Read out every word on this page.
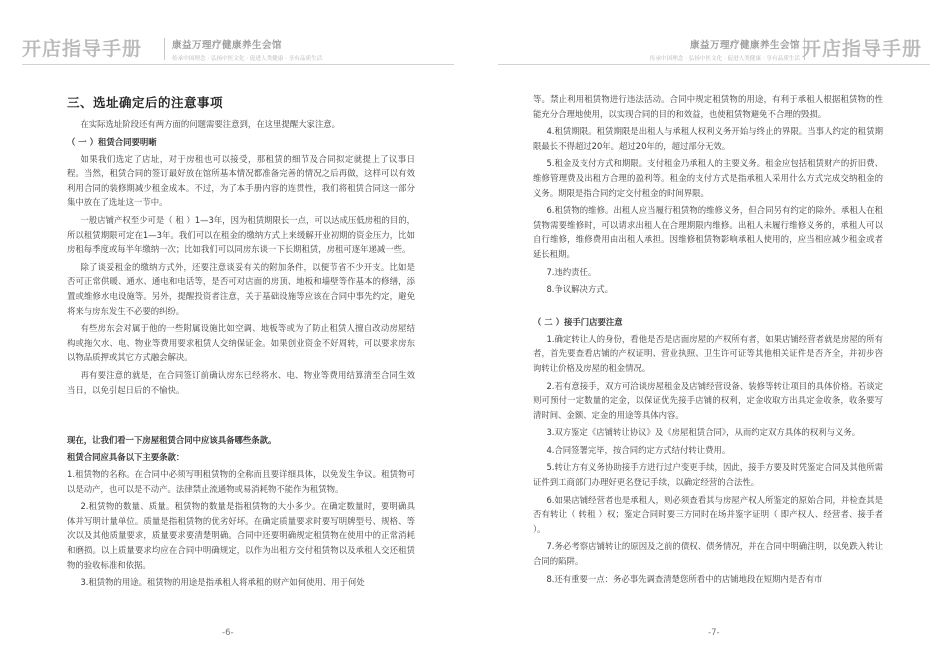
开店指导手册	康益万理疗健康养生会馆
传承中国理念 · 弘扬中医文化 · 促进人类健康 · 享有品质生活
三、选址确定后的注意事项
在实际选址阶段还有两方面的问题需要注意到，在这里提醒大家注意。
（ 一 ）租赁合同要明晰
如果我们选定了店址，对于房租也可以接受，那租赁的细节及合同拟定就提上了议事日程。当然，租赁合同的签订最好放在馆所基本情况都准备完善的情况之后再做，这样可以有效利用合同的装修期减少租金成本。不过，为了本手册内容的连贯性，我们将租赁合同这一部分集中放在了选址这一节中。
一般店铺产权至少可是（ 租 ）1—3年，因为租赁期限长一点，可以达成压低房租的目的，所以租赁期限可定在1—3年。我们可以在租金的缴纳方式上来缓解开业初期的资金压力，比如房租每季度或每半年缴纳一次；比如我们可以同房东谈一下长期租赁，房租可逐年递减一些。
除了谈妥租金的缴纳方式外，还要注意谈妥有关的附加条件，以便节省不少开支。比如是否可正常供暖、通水、通电和电话等，是否可对店面的房顶、地板和墙壁等作基本的修缮，添置或维修水电设施等。另外，提醒投资者注意，关于基础设施等应该在合同中事先约定，避免将来与房东发生不必要的纠纷。
有些房东会对属于他的一些附属设施比如空调、地板等或为了防止租赁人擅自改动房屋结构或拖欠水、电、物业等费用要求租赁人交纳保证金。如果创业资金不好周转，可以要求房东以物品质押或其它方式融会解决。
再有要注意的就是，在合同签订前确认房东已经将水、电、物业等费用结算清至合同生效当日，以免引起日后的不愉快。
现在，让我们看一下房屋租赁合同中应该具备哪些条款。
租赁合同应具备以下主要条款：
1.租赁物的名称。在合同中必须写明租赁物的全称而且要详细具体，以免发生争议。租赁物可以是动产，也可以是不动产。法律禁止流通物或易消耗物不能作为租赁物。
2.租赁物的数量、质量。租赁物的数量是指租赁物的大小多少。在确定数量时，要明确具体并写明计量单位。质量是指租赁物的优劣好坏。在确定质量要求时要写明牌型号、规格、等次以及其他质量要求，质量要求要清楚明确。合同中还要明确规定租赁物在使用中的正常消耗和磨损。以上质量要求均应在合同中明确规定，以作为出租方交付租赁物以及承租人交还租赁物的验收标准和依据。
3.租赁物的用途。租赁物的用途是指承租人将承租的财产如何使用、用于何处
-6-
康益万理疗健康养生会馆
传承中国理念 · 弘扬中医文化 · 促进人类健康 · 享有品质生活 开店指导手册
等。禁止利用租赁物进行违法活动。合同中规定租赁物的用途，有利于承租人根据租赁物的性能充分合理地使用，以实现合同的目的和效益，也使租赁物避免不合理的毁损。
4.租赁期限。租赁期限是出租人与承租人权利义务开始与终止的界限。当事人约定的租赁期限最长不得超过20年。超过20年的，超过部分无效。
5.租金及支付方式和期限。支付租金乃承租人的主要义务。租金应包括租赁财产的折旧费、维修管理费及出租方合理的盈利等。租金的支付方式是指承租人采用什么方式完成交纳租金的义务。期限是指合同约定交付租金的时间界限。
6.租赁物的维修。出租人应当履行租赁物的维修义务，但合同另有约定的除外。承租人在租赁物需要维修时，可以请求出租人在合理期限内维修。出租人未履行维修义务的，承租人可以自行维修，维修费用由出租人承担。因维修租赁物影响承租人使用的，应当相应减少租金或者延长租期。
7.违约责任。
8.争议解决方式。
（ 二 ）接手门店要注意
1.确定转让人的身份，看他是否是店面房屋的产权所有者，如果店铺经营者就是房屋的所有者，首先要查看店铺的产权证明、营业执照、卫生许可证等其他相关证件是否齐全，并初步咨询转让价格及房屋的租金情况。
2.若有意接手，双方可洽谈房屋租金及店铺经营设备、装修等转让项目的具体价格。若谈定则可预付一定数量的定金，以保证优先接手店铺的权利，定金收取方出具定金收条，收条要写清时间、金额、定金的用途等具体内容。
3.双方鉴定《店铺转让协议》及《房屋租赁合同》，从而约定双方具体的权利与义务。
4.合同签署完毕，按合同约定方式结付转让费用。
5.转让方有义务协助接手方进行过户变更手续，因此，接手方要及时凭鉴定合同及其他所需证件到工商部门办理好更名登记手续，以确定经营的合法性。
6.如果店铺经营者也是承租人，则必须查看其与房屋产权人所鉴定的原始合同，并检查其是否有转让（ 转租 ）权；鉴定合同时要三方同时在场并鉴字证明（ 即产权人、经营者、接手者 ）。
7.务必考察店铺转让的原因及之前的债权、债务情况，并在合同中明确注明，以免跌入转让合同的陷阱。
8.还有重要一点：务必事先调查清楚您所看中的店铺地段在短期内是否有市
-7-
